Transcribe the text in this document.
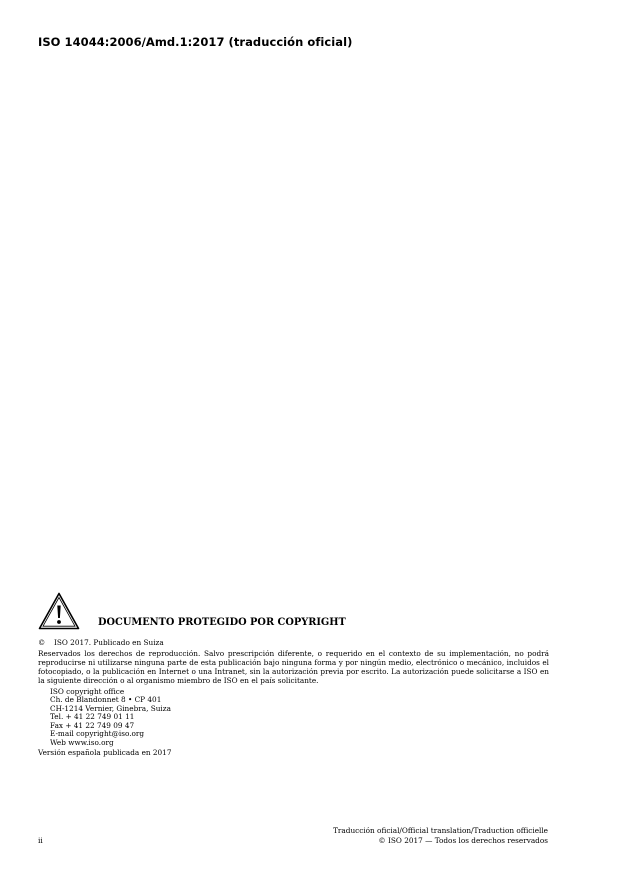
ISO 14044:2006/Amd.1:2017 (traducción oficial)
DOCUMENTO PROTEGIDO POR COPYRIGHT
© ISO 2017. Publicado en Suiza
Reservados los derechos de reproducción. Salvo prescripción diferente, o requerido en el contexto de su implementación, no podrá reproducirse ni utilizarse ninguna parte de esta publicación bajo ninguna forma y por ningún medio, electrónico o mecánico, incluidos el fotocopiado, o la publicación en Internet o una Intranet, sin la autorización previa por escrito. La autorización puede solicitarse a ISO en la siguiente dirección o al organismo miembro de ISO en el país solicitante.
ISO copyright office
Ch. de Blandonnet 8 • CP 401
CH-1214 Vernier, Ginebra, Suiza
Tel. + 41 22 749 01 11
Fax + 41 22 749 09 47
E-mail copyright@iso.org
Web www.iso.org
Versión española publicada en 2017
ii
Traducción oficial/Official translation/Traduction officielle
© ISO 2017 — Todos los derechos reservados
